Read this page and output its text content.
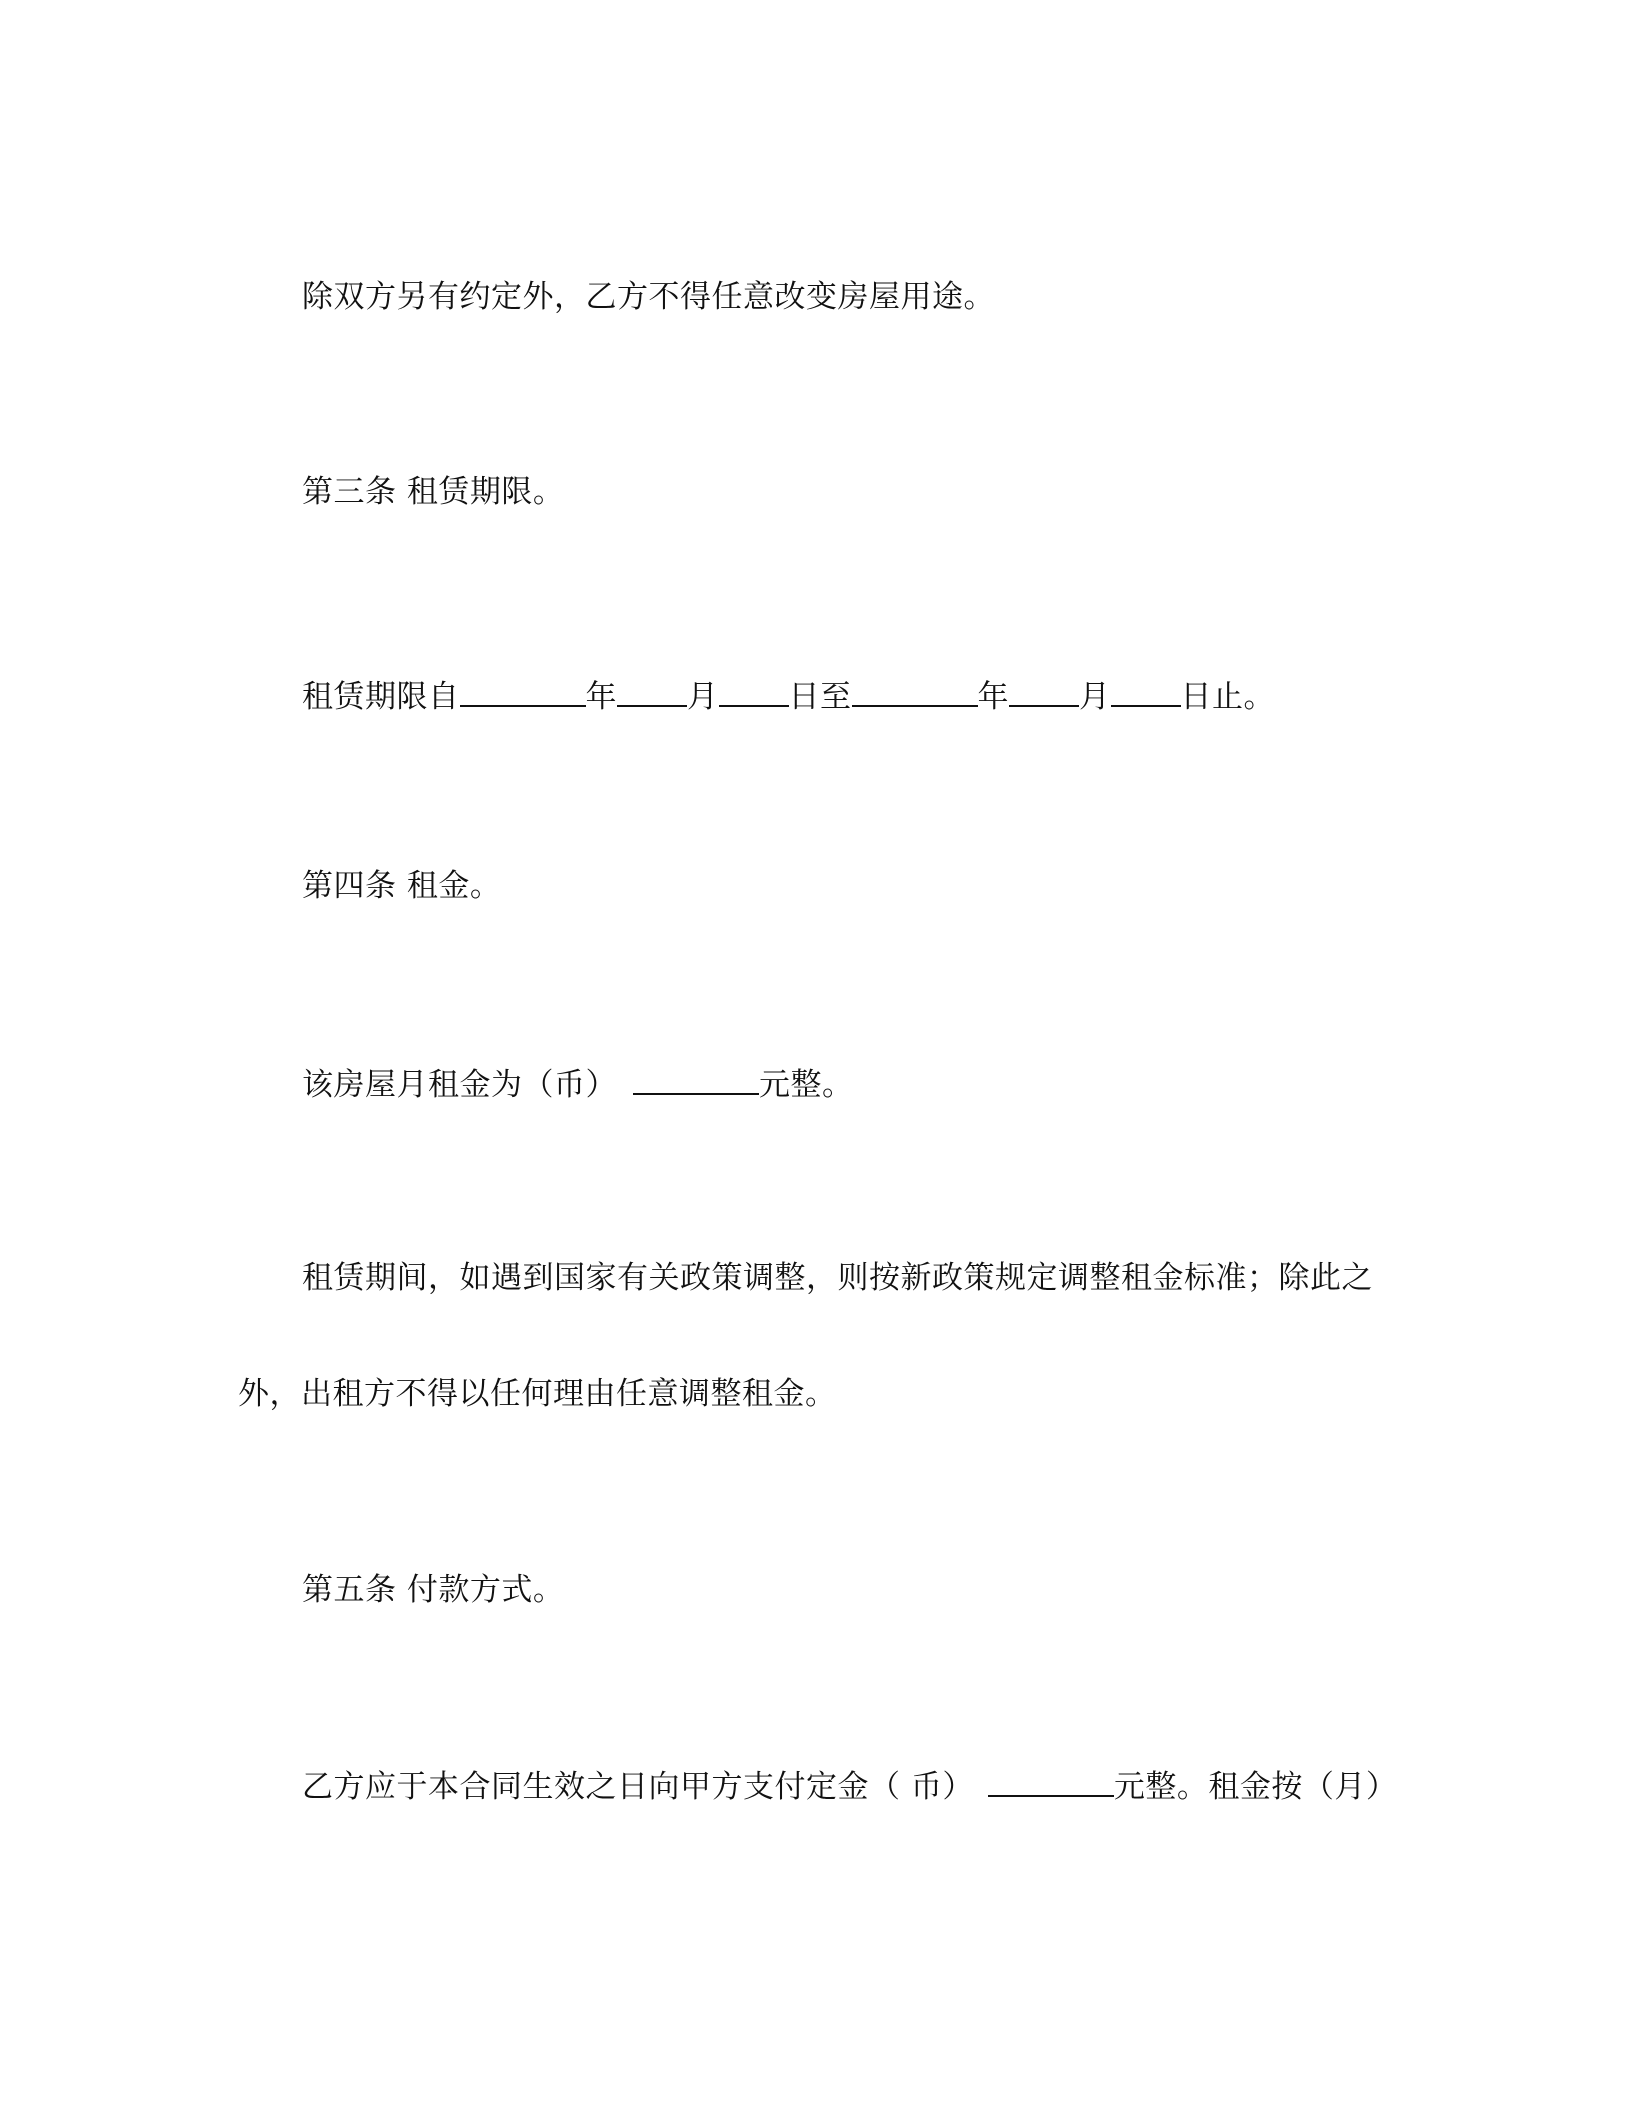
除双方另有约定外，乙方不得任意改变房屋用途。
第三条 租赁期限。
租赁期限自	年 月 日至	年 月 日止。
第四条 租金。
该房屋月租金为（币）	元整。
租赁期间，如遇到国家有关政策调整，则按新政策规定调整租金标准；除此之
外，出租方不得以任何理由任意调整租金。
第五条 付款方式。
乙方应于本合同生效之日向甲方支付定金（ 币）	元整。租金按（月）
